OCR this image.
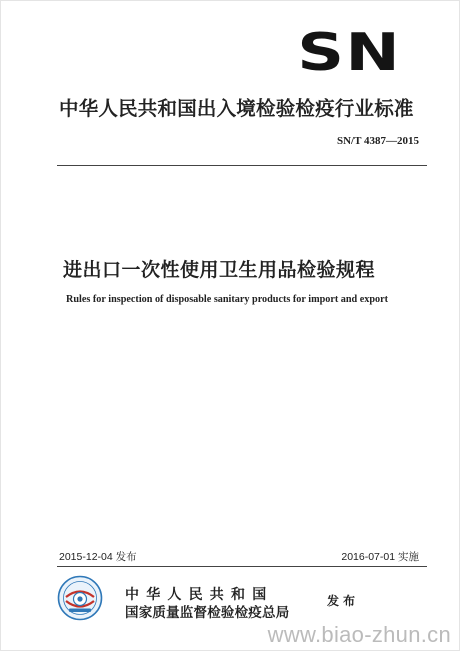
SN
中华人民共和国出入境检验检疫行业标准
SN/T 4387—2015
进出口一次性使用卫生用品检验规程
Rules for inspection of disposable sanitary products for import and export
2015-12-04 发布	2016-07-01 实施
中华人民共和国
国家质量监督检验检疫总局
发布
www.biao-zhun.cn
